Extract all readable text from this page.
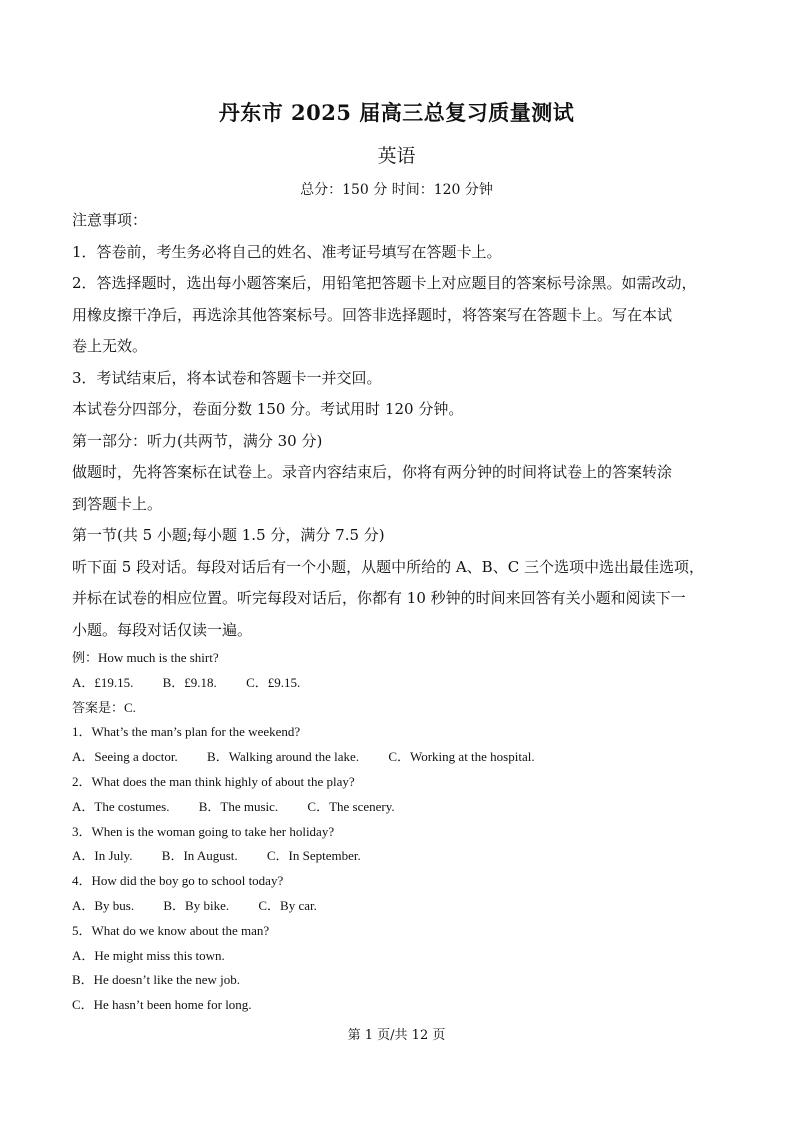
丹东市 2025 届高三总复习质量测试
英语
总分：150 分 时间：120 分钟

注意事项：

1．答卷前，考生务必将自己的姓名、准考证号填写在答题卡上。

2．答选择题时，选出每小题答案后，用铅笔把答题卡上对应题目的答案标号涂黑。如需改动，

用橡皮擦干净后，再选涂其他答案标号。回答非选择题时，将答案写在答题卡上。写在本试

卷上无效。

3．考试结束后，将本试卷和答题卡一并交回。

本试卷分四部分，卷面分数 150 分。考试用时 120 分钟。

第一部分：听力(共两节，满分 30 分)

做题时，先将答案标在试卷上。录音内容结束后，你将有两分钟的时间将试卷上的答案转涂

到答题卡上。

第一节(共 5 小题;每小题 1.5 分，满分 7.5 分)

听下面 5 段对话。每段对话后有一个小题，从题中所给的 A、B、C 三个选项中选出最佳选项，

并标在试卷的相应位置。听完每段对话后，你都有 10 秒钟的时间来回答有关小题和阅读下一

小题。每段对话仅读一遍。

例：How much is the shirt?

A．£19.15. B．£9.18. C．£9.15.

答案是：C.

1．What’s the man’s plan for the weekend?

A．Seeing a doctor. B．Walking around the lake. C．Working at the hospital.

2．What does the man think highly of about the play?

A．The costumes. B．The music. C．The scenery.

3．When is the woman going to take her holiday?

A．In July. B．In August. C．In September.

4．How did the boy go to school today?

A．By bus. B．By bike. C．By car.

5．What do we know about the man?

A．He might miss this town.

B．He doesn’t like the new job.

C．He hasn’t been home for long.

第 1 页/共 12 页
